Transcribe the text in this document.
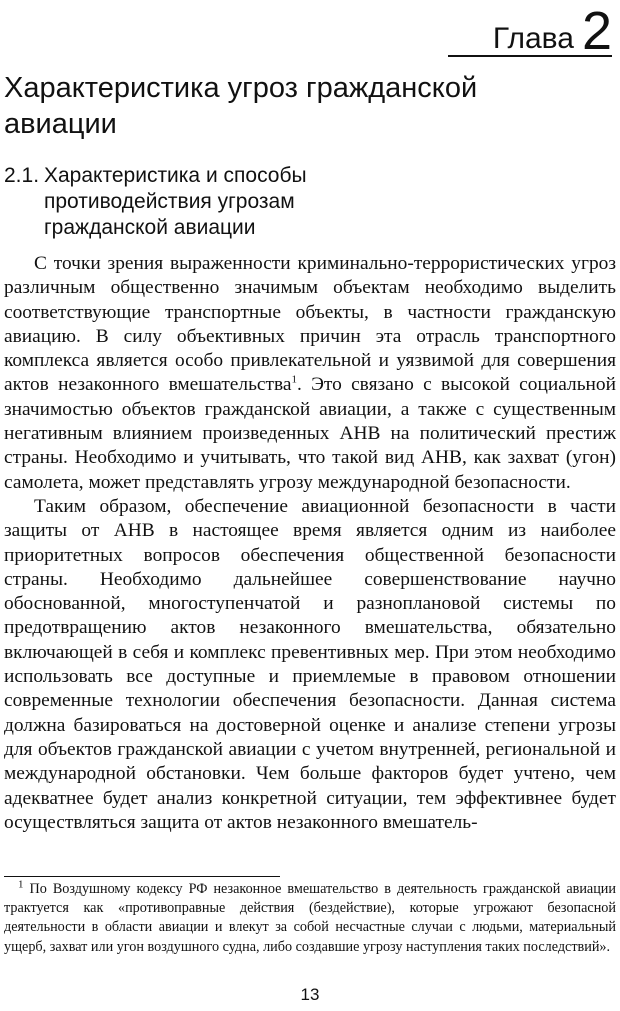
Глава 2
Характеристика угроз гражданской авиации
2.1. Характеристика и способы
противодействия угрозам гражданской авиации

С точки зрения выраженности криминально-террористических угроз различным общественно значимым объектам необходимо выделить соответствующие транспортные объекты, в частности гражданскую авиацию. В силу объективных причин эта отрасль транспортного комплекса является особо привлекательной и уязвимой для совершения актов незаконного вмешательства$^1$. Это связано с высокой социальной значимостью объектов гражданской авиации, а также с существенным негативным влиянием произведенных АНВ на политический престиж страны. Необходимо и учитывать, что такой вид АНВ, как захват (угон) самолета, может представлять угрозу международной безопасности.

Таким образом, обеспечение авиационной безопасности в части защиты от АНВ в настоящее время является одним из наиболее приоритетных вопросов обеспечения общественной безопасности страны. Необходимо дальнейшее совершенствование научно обоснованной, многоступенчатой и разноплановой системы по предотвращению актов незаконного вмешательства, обязательно включающей в себя и комплекс превентивных мер. При этом необходимо использовать все доступные и приемлемые в правовом отношении современные технологии обеспечения безопасности. Данная система должна базироваться на достоверной оценке и анализе степени угрозы для объектов гражданской авиации с учетом внутренней, региональной и международной обстановки. Чем больше факторов будет учтено, чем адекватнее будет анализ конкретной ситуации, тем эффективнее будет осуществляться защита от актов незаконного вмешатель-

$^1$ По Воздушному кодексу РФ незаконное вмешательство в деятельность гражданской авиации трактуется как «противоправные действия (бездействие), которые угрожают безопасной деятельности в области авиации и влекут за собой несчастные случаи с людьми, материальный ущерб, захват или угон воздушного судна, либо создавшие угрозу наступления таких последствий».
13
